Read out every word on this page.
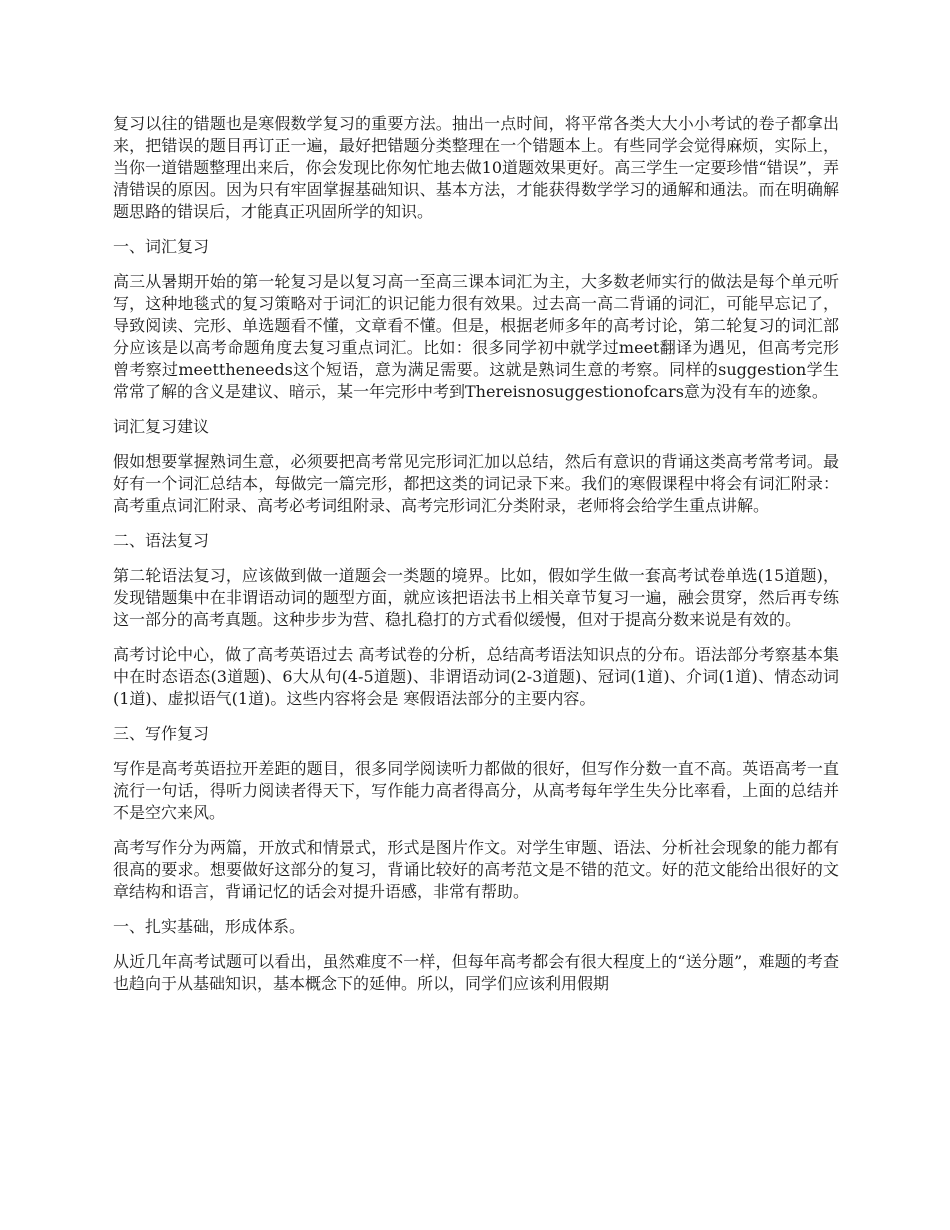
复习以往的错题也是寒假数学复习的重要方法。抽出一点时间，将平常各类大大小小考试的卷子都拿出来，把错误的题目再订正一遍，最好把错题分类整理在一个错题本上。有些同学会觉得麻烦，实际上，当你一道错题整理出来后，你会发现比你匆忙地去做10道题效果更好。高三学生一定要珍惜“错误”，弄清错误的原因。因为只有牢固掌握基础知识、基本方法，才能获得数学学习的通解和通法。而在明确解题思路的错误后，才能真正巩固所学的知识。

一、词汇复习

高三从暑期开始的第一轮复习是以复习高一至高三课本词汇为主，大多数老师实行的做法是每个单元听写，这种地毯式的复习策略对于词汇的识记能力很有效果。过去高一高二背诵的词汇，可能早忘记了，导致阅读、完形、单选题看不懂，文章看不懂。但是，根据老师多年的高考讨论，第二轮复习的词汇部分应该是以高考命题角度去复习重点词汇。比如：很多同学初中就学过meet翻译为遇见，但高考完形曾考察过meettheneeds这个短语，意为满足需要。这就是熟词生意的考察。同样的suggestion学生常常了解的含义是建议、暗示，某一年完形中考到Thereisnosuggestionofcars意为没有车的迹象。

词汇复习建议

假如想要掌握熟词生意，必须要把高考常见完形词汇加以总结，然后有意识的背诵这类高考常考词。最好有一个词汇总结本，每做完一篇完形，都把这类的词记录下来。我们的寒假课程中将会有词汇附录：高考重点词汇附录、高考必考词组附录、高考完形词汇分类附录，老师将会给学生重点讲解。

二、语法复习

第二轮语法复习，应该做到做一道题会一类题的境界。比如，假如学生做一套高考试卷单选(15道题)，发现错题集中在非谓语动词的题型方面，就应该把语法书上相关章节复习一遍，融会贯穿，然后再专练这一部分的高考真题。这种步步为营、稳扎稳打的方式看似缓慢，但对于提高分数来说是有效的。

高考讨论中心，做了高考英语过去 高考试卷的分析，总结高考语法知识点的分布。语法部分考察基本集中在时态语态(3道题)、6大从句(4-5道题)、非谓语动词(2-3道题)、冠词(1道)、介词(1道)、情态动词(1道)、虚拟语气(1道)。这些内容将会是 寒假语法部分的主要内容。

三、写作复习

写作是高考英语拉开差距的题目，很多同学阅读听力都做的很好，但写作分数一直不高。英语高考一直流行一句话，得听力阅读者得天下，写作能力高者得高分，从高考每年学生失分比率看，上面的总结并不是空穴来风。

高考写作分为两篇，开放式和情景式，形式是图片作文。对学生审题、语法、分析社会现象的能力都有很高的要求。想要做好这部分的复习，背诵比较好的高考范文是不错的范文。好的范文能给出很好的文章结构和语言，背诵记忆的话会对提升语感，非常有帮助。

一、扎实基础，形成体系。

从近几年高考试题可以看出，虽然难度不一样，但每年高考都会有很大程度上的“送分题”，难题的考查也趋向于从基础知识，基本概念下的延伸。所以，同学们应该利用假期
